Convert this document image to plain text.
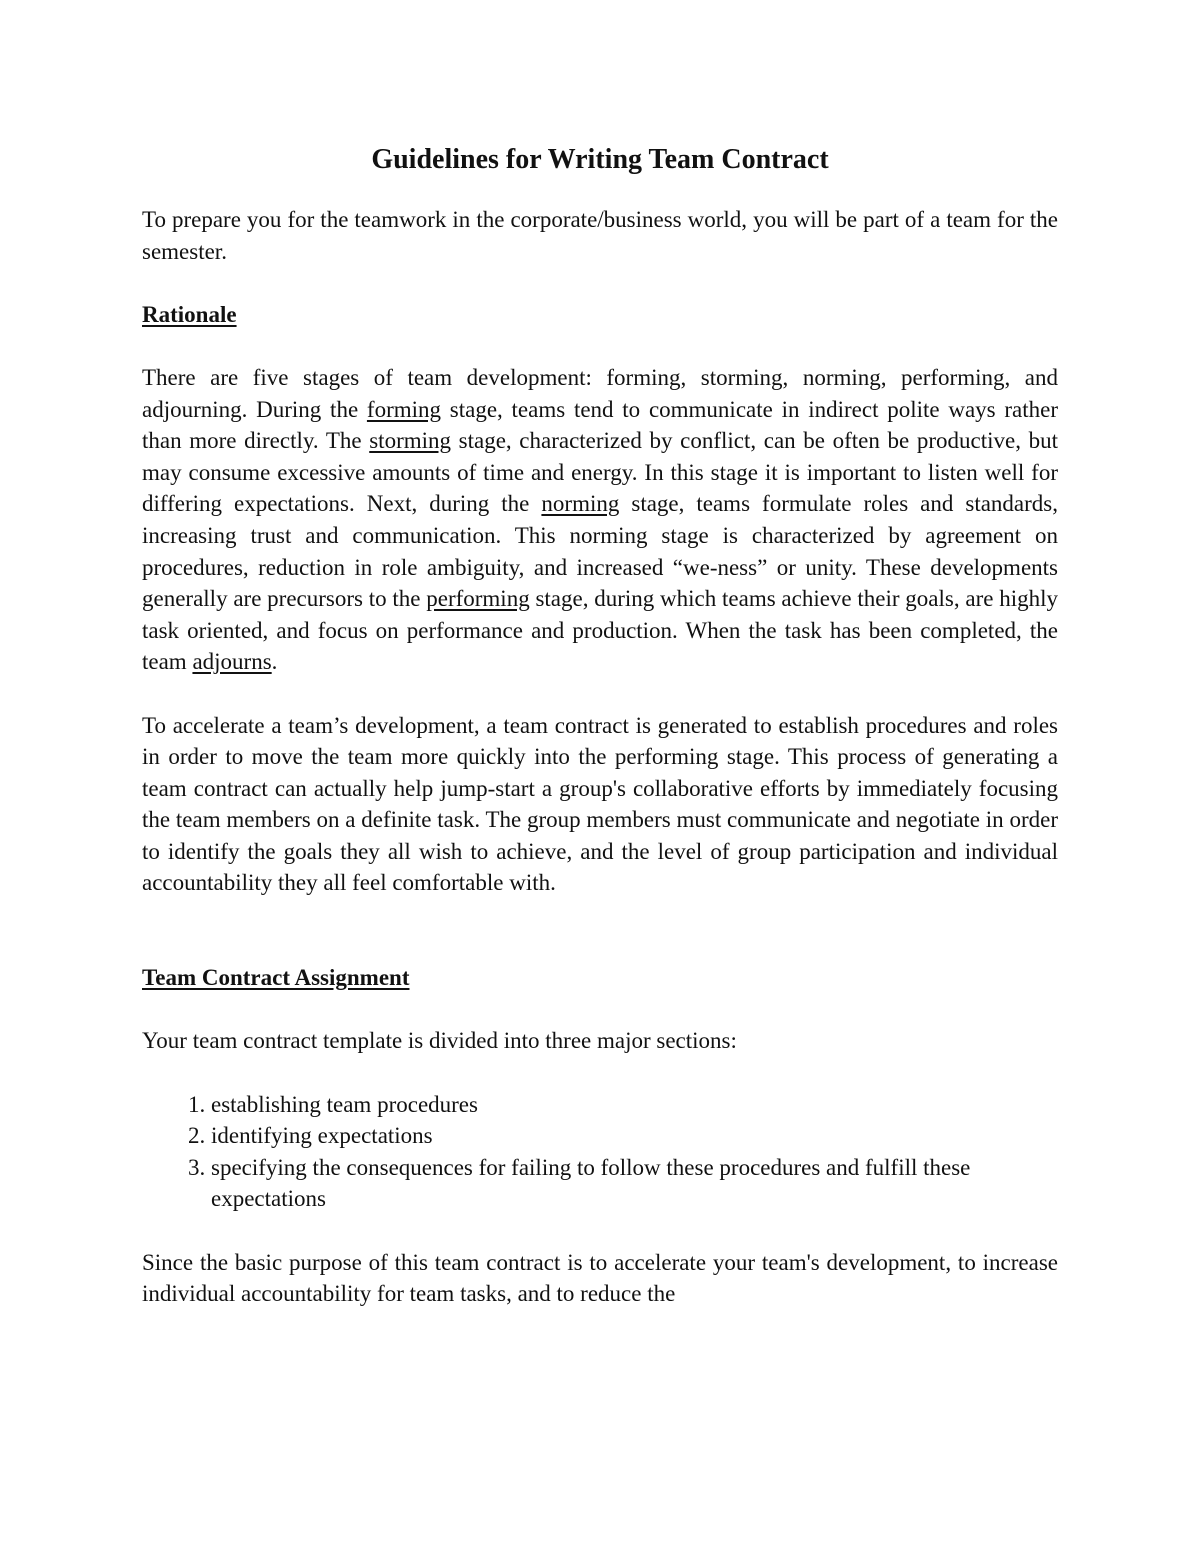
Guidelines for Writing Team Contract

To prepare you for the teamwork in the corporate/business world, you will be part of a team for the semester.

Rationale

There are five stages of team development: forming, storming, norming, performing, and adjourning. During the forming stage, teams tend to communicate in indirect polite ways rather than more directly. The storming stage, characterized by conflict, can be often be productive, but may consume excessive amounts of time and energy. In this stage it is important to listen well for differing expectations. Next, during the norming stage, teams formulate roles and standards, increasing trust and communication. This norming stage is characterized by agreement on procedures, reduction in role ambiguity, and increased “we-ness” or unity. These developments generally are precursors to the performing stage, during which teams achieve their goals, are highly task oriented, and focus on performance and production. When the task has been completed, the team adjourns.

To accelerate a team’s development, a team contract is generated to establish procedures and roles in order to move the team more quickly into the performing stage. This process of generating a team contract can actually help jump-start a group's collaborative efforts by immediately focusing the team members on a definite task. The group members must communicate and negotiate in order to identify the goals they all wish to achieve, and the level of group participation and individual accountability they all feel comfortable with.

Team Contract Assignment

Your team contract template is divided into three major sections:

1. establishing team procedures
2. identifying expectations
3. specifying the consequences for failing to follow these procedures and fulfill these expectations

Since the basic purpose of this team contract is to accelerate your team's development, to increase individual accountability for team tasks, and to reduce the
